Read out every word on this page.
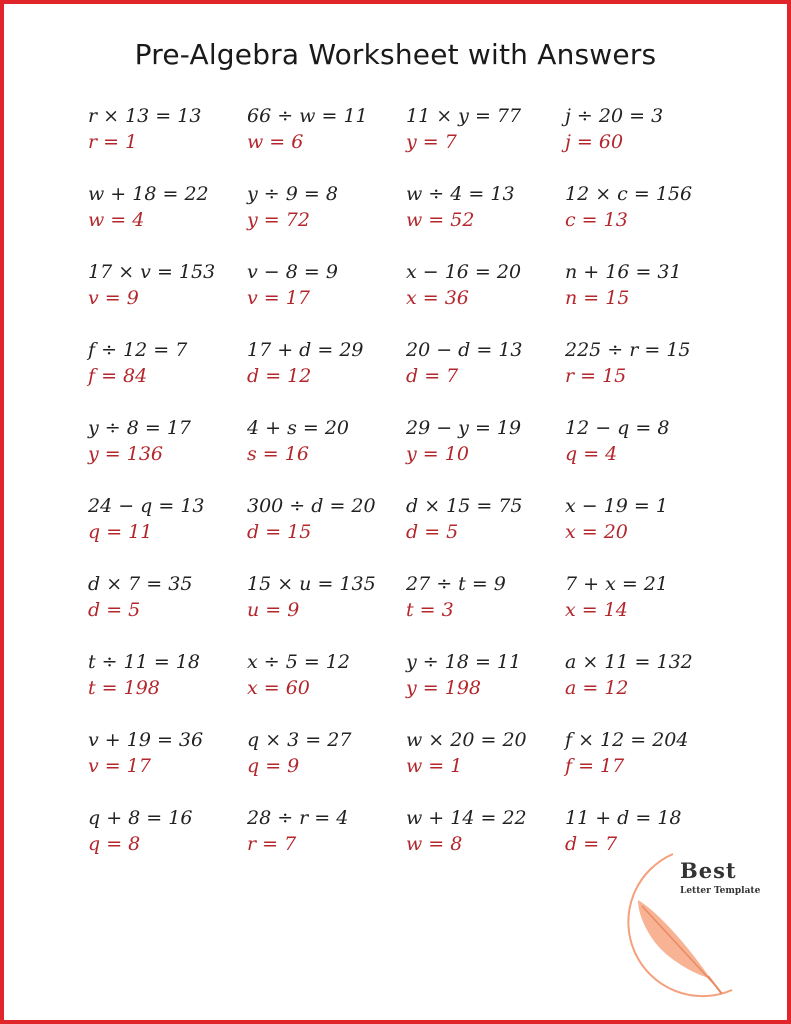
Pre-Algebra Worksheet with Answers
r × 13 = 13
r = 1
66 ÷ w = 11
w = 6
11 × y = 77
y = 7
j ÷ 20 = 3
j = 60
w + 18 = 22
w = 4
y ÷ 9 = 8
y = 72
w ÷ 4 = 13
w = 52
12 × c = 156
c = 13
17 × v = 153
v = 9
v − 8 = 9
v = 17
x − 16 = 20
x = 36
n + 16 = 31
n = 15
f ÷ 12 = 7
f = 84
17 + d = 29
d = 12
20 − d = 13
d = 7
225 ÷ r = 15
r = 15
y ÷ 8 = 17
y = 136
4 + s = 20
s = 16
29 − y = 19
y = 10
12 − q = 8
q = 4
24 − q = 13
q = 11
300 ÷ d = 20
d = 15
d × 15 = 75
d = 5
x − 19 = 1
x = 20
d × 7 = 35
d = 5
15 × u = 135
u = 9
27 ÷ t = 9
t = 3
7 + x = 21
x = 14
t ÷ 11 = 18
t = 198
x ÷ 5 = 12
x = 60
y ÷ 18 = 11
y = 198
a × 11 = 132
a = 12
v + 19 = 36
v = 17
q × 3 = 27
q = 9
w × 20 = 20
w = 1
f × 12 = 204
f = 17
q + 8 = 16
q = 8
28 ÷ r = 4
r = 7
w + 14 = 22
w = 8
11 + d = 18
d = 7
Best
Letter Template
